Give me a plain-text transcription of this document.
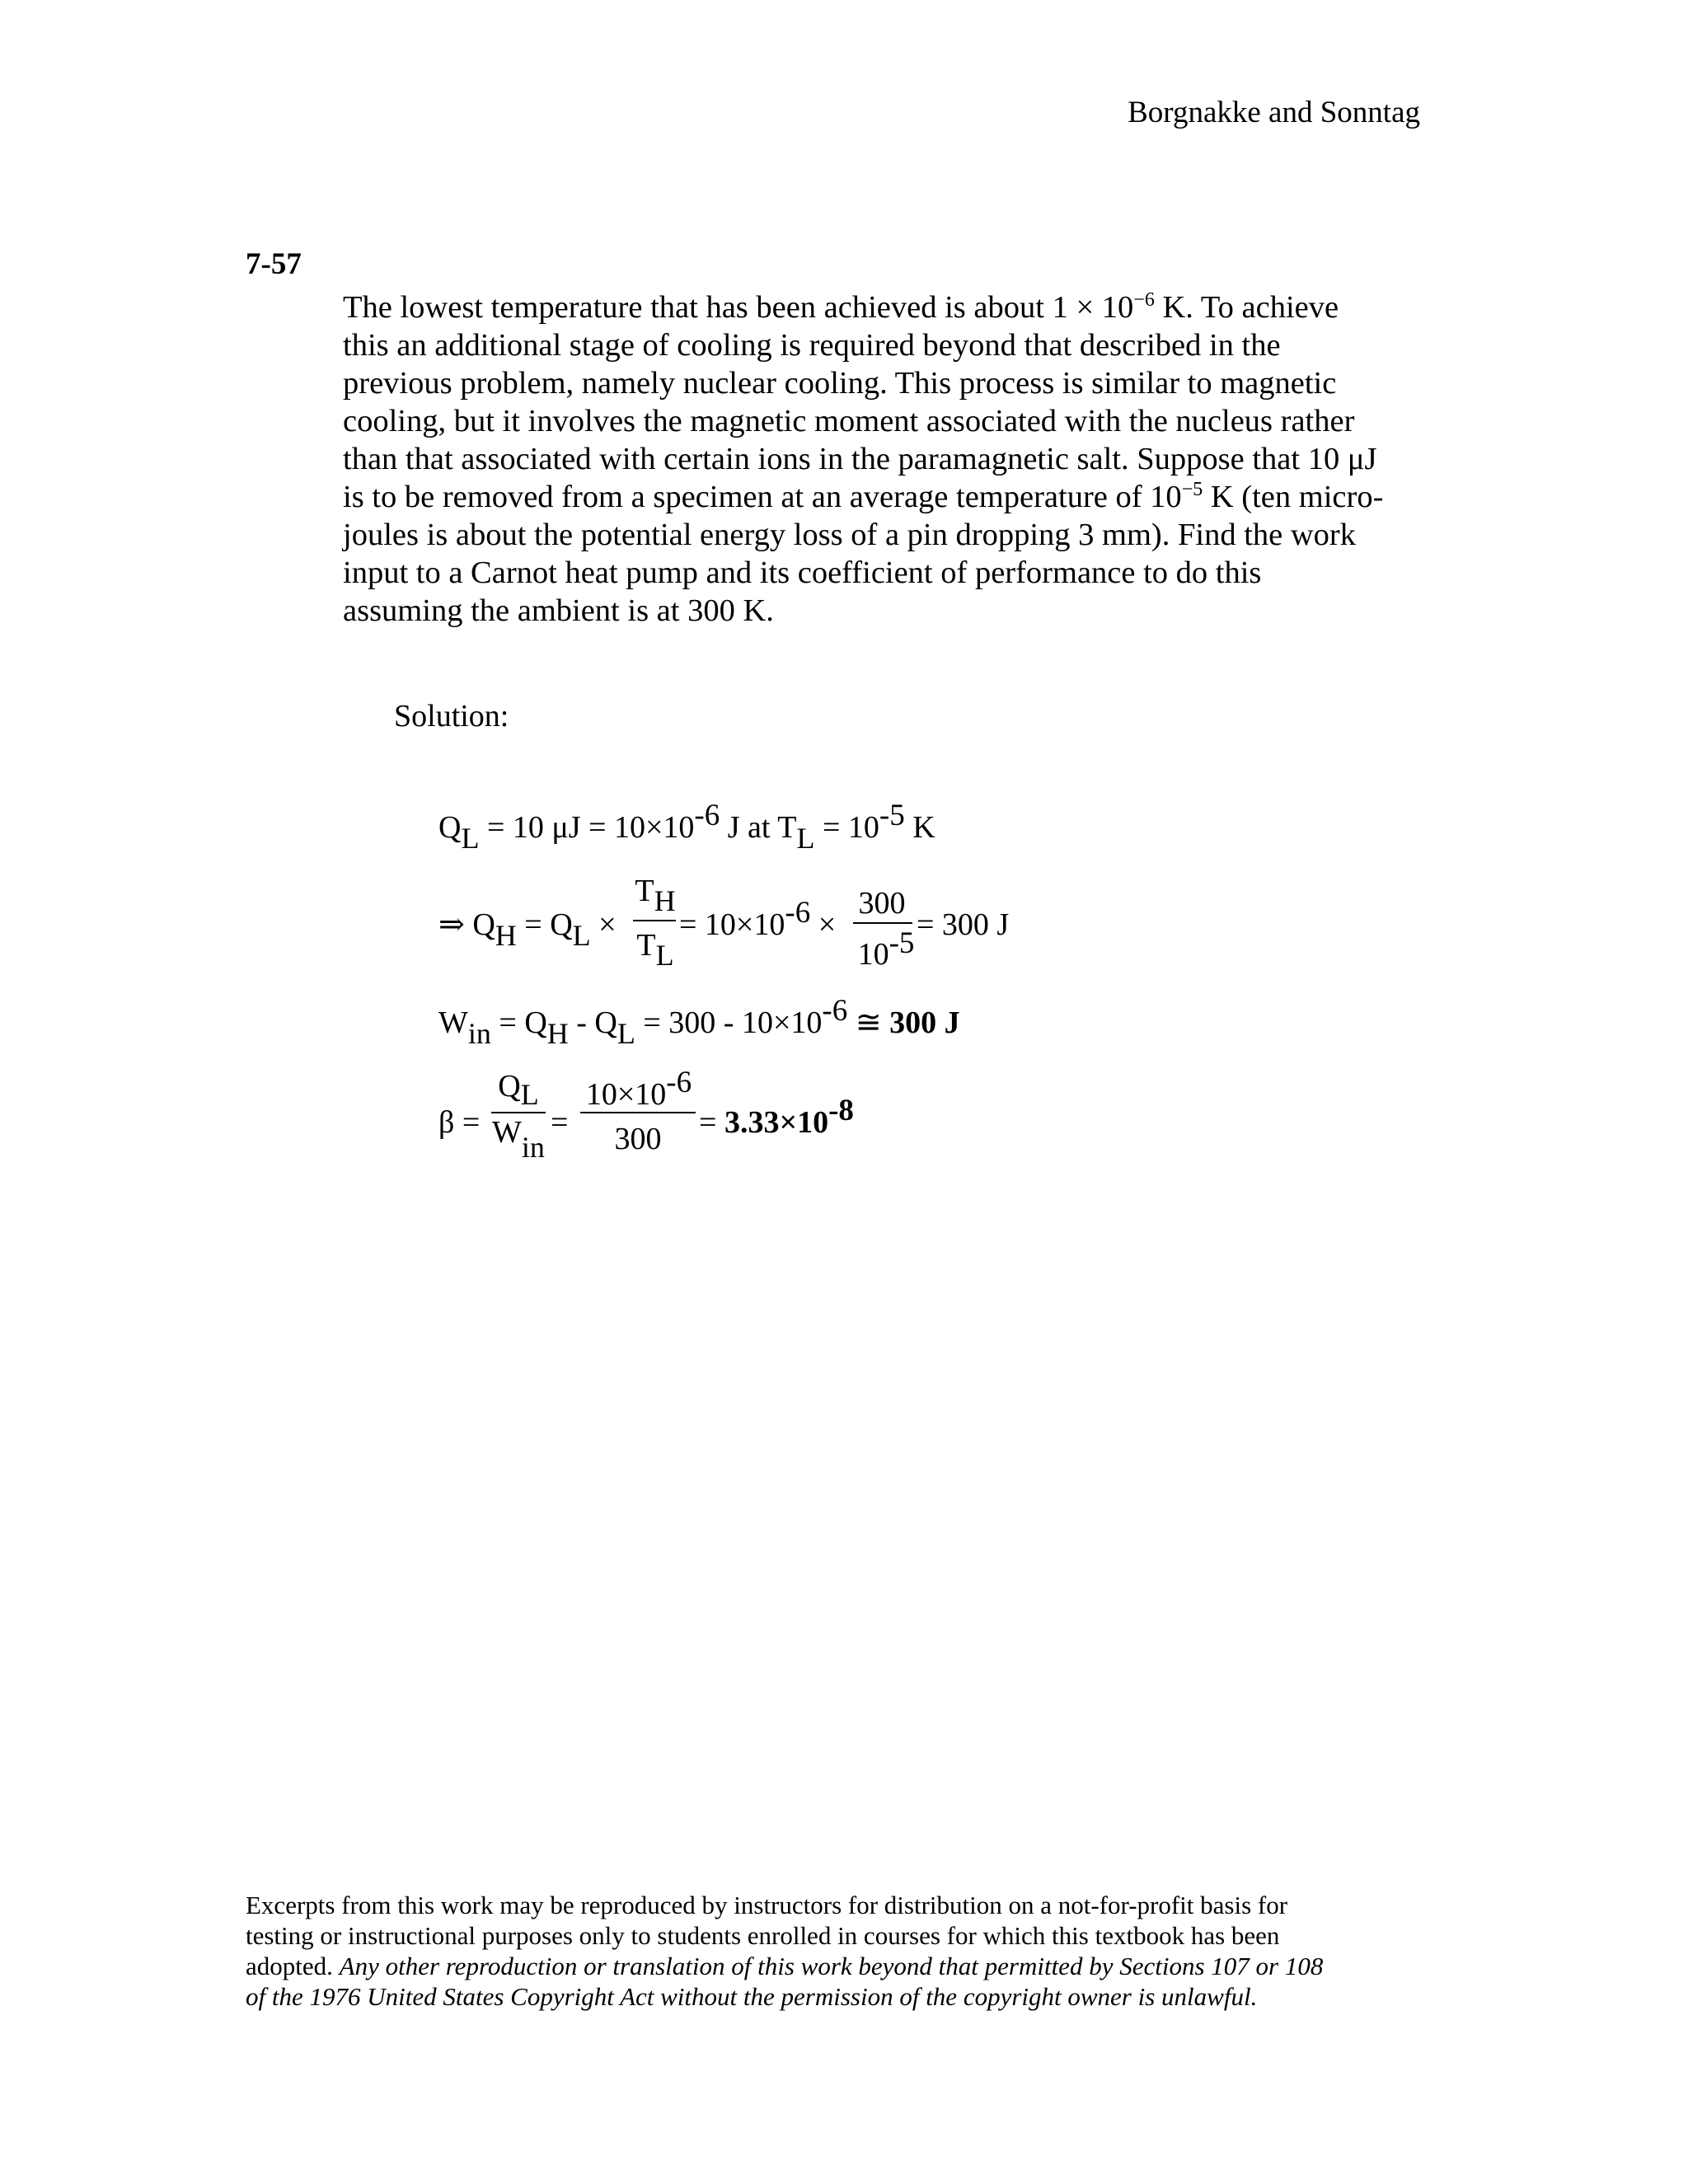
Borgnakke and Sonntag
7-57
The lowest temperature that has been achieved is about $1 \times 10^{-6}$ K. To achieve
this an additional stage of cooling is required beyond that described in the
previous problem, namely nuclear cooling. This process is similar to magnetic
cooling, but it involves the magnetic moment associated with the nucleus rather
than that associated with certain ions in the paramagnetic salt. Suppose that 10 μJ
is to be removed from a specimen at an average temperature of $10^{-5}$ K (ten micro-
joules is about the potential energy loss of a pin dropping 3 mm). Find the work
input to a Carnot heat pump and its coefficient of performance to do this
assuming the ambient is at 300 K.
Solution:
QL = 10 μJ = 10×10-6 J at TL = 10-5 K
⇒ QH = QL ×
TH
TL
= 10×10-6 ×
300
10-5
= 300 J
Win = QH - QL = 300 - 10×10-6 ≅ 300 J
β =
QL
Win
=
10×10-6
300	= 3.33×10-8
Excerpts from this work may be reproduced by instructors for distribution on a not-for-profit basis for
testing or instructional purposes only to students enrolled in courses for which this textbook has been
adopted. Any other reproduction or translation of this work beyond that permitted by Sections 107 or 108
of the 1976 United States Copyright Act without the permission of the copyright owner is unlawful.
